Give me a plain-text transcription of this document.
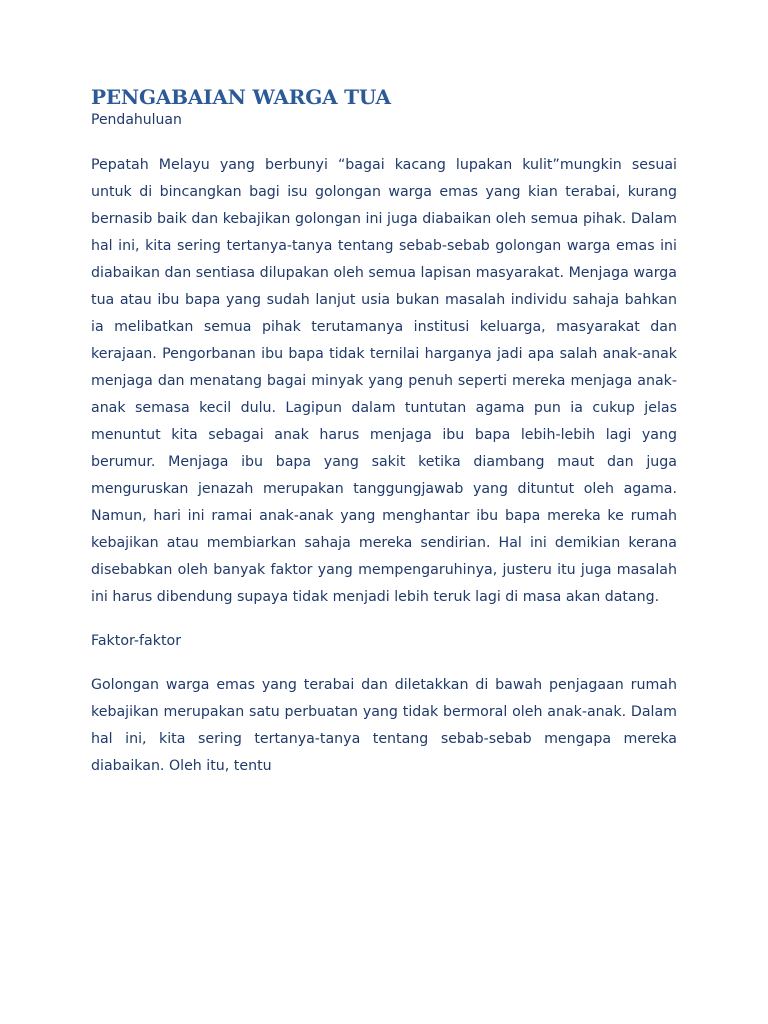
PENGABAIAN WARGA TUA
Pendahuluan

Pepatah Melayu yang berbunyi “bagai kacang lupakan kulit”mungkin sesuai untuk di bincangkan bagi isu golongan warga emas yang kian terabai, kurang bernasib baik dan kebajikan golongan ini juga diabaikan oleh semua pihak. Dalam hal ini, kita sering tertanya-tanya tentang sebab-sebab golongan warga emas ini diabaikan dan sentiasa dilupakan oleh semua lapisan masyarakat. Menjaga warga tua atau ibu bapa yang sudah lanjut usia bukan masalah individu sahaja bahkan ia melibatkan semua pihak terutamanya institusi keluarga, masyarakat dan kerajaan. Pengorbanan ibu bapa tidak ternilai harganya jadi apa salah anak-anak menjaga dan menatang bagai minyak yang penuh seperti mereka menjaga anak-anak semasa kecil dulu. Lagipun dalam tuntutan agama pun ia cukup jelas menuntut kita sebagai anak harus menjaga ibu bapa lebih-lebih lagi yang berumur. Menjaga ibu bapa yang sakit ketika diambang maut dan juga menguruskan jenazah merupakan tanggungjawab yang dituntut oleh agama. Namun, hari ini ramai anak-anak yang menghantar ibu bapa mereka ke rumah kebajikan atau membiarkan sahaja mereka sendirian. Hal ini demikian kerana disebabkan oleh banyak faktor yang mempengaruhinya, justeru itu juga masalah ini harus dibendung supaya tidak menjadi lebih teruk lagi di masa akan datang.

Faktor-faktor

Golongan warga emas yang terabai dan diletakkan di bawah penjagaan rumah kebajikan merupakan satu perbuatan yang tidak bermoral oleh anak-anak. Dalam hal ini, kita sering tertanya-tanya tentang sebab-sebab mengapa mereka diabaikan. Oleh itu, tentu
